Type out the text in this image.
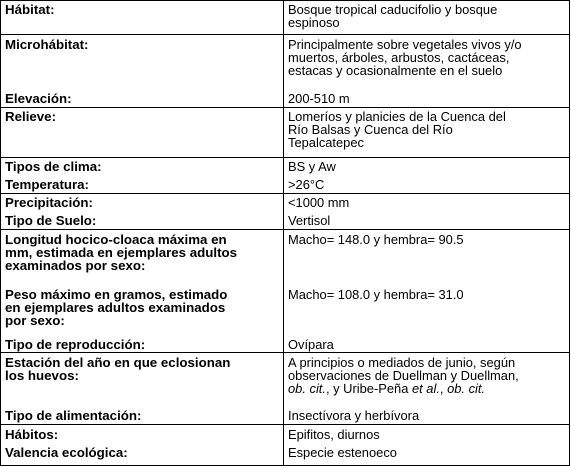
Hábitat:
Microhábitat:
Elevación:
Relieve:
Tipos de clima:
Temperatura:
Precipitación:
Tipo de Suelo:
Longitud hocico-cloaca máxima en
mm, estimada en ejemplares adultos
examinados por sexo:
Peso máximo en gramos, estimado
en ejemplares adultos examinados
por sexo:
Tipo de reproducción:
Estación del año en que eclosionan
los huevos:
Tipo de alimentación:
Hábitos:
Valencia ecológica:
Bosque tropical caducifolio y bosque
espinoso
Principalmente sobre vegetales vivos y/o
muertos, árboles, arbustos, cactáceas,
estacas y ocasionalmente en el suelo
200-510 m
Lomeríos y planicies de la Cuenca del
Río Balsas y Cuenca del Río
Tepalcatepec
BS y Aw
>26°C
<1000 mm
Vertisol
Macho= 148.0 y hembra= 90.5
Macho= 108.0 y hembra= 31.0
Ovípara
A principios o mediados de junio, según
observaciones de Duellman y Duellman,
ob. cit., y Uribe-Peña et al., ob. cit.
Insectívora y herbívora
Epifitos, diurnos
Especie estenoeco
